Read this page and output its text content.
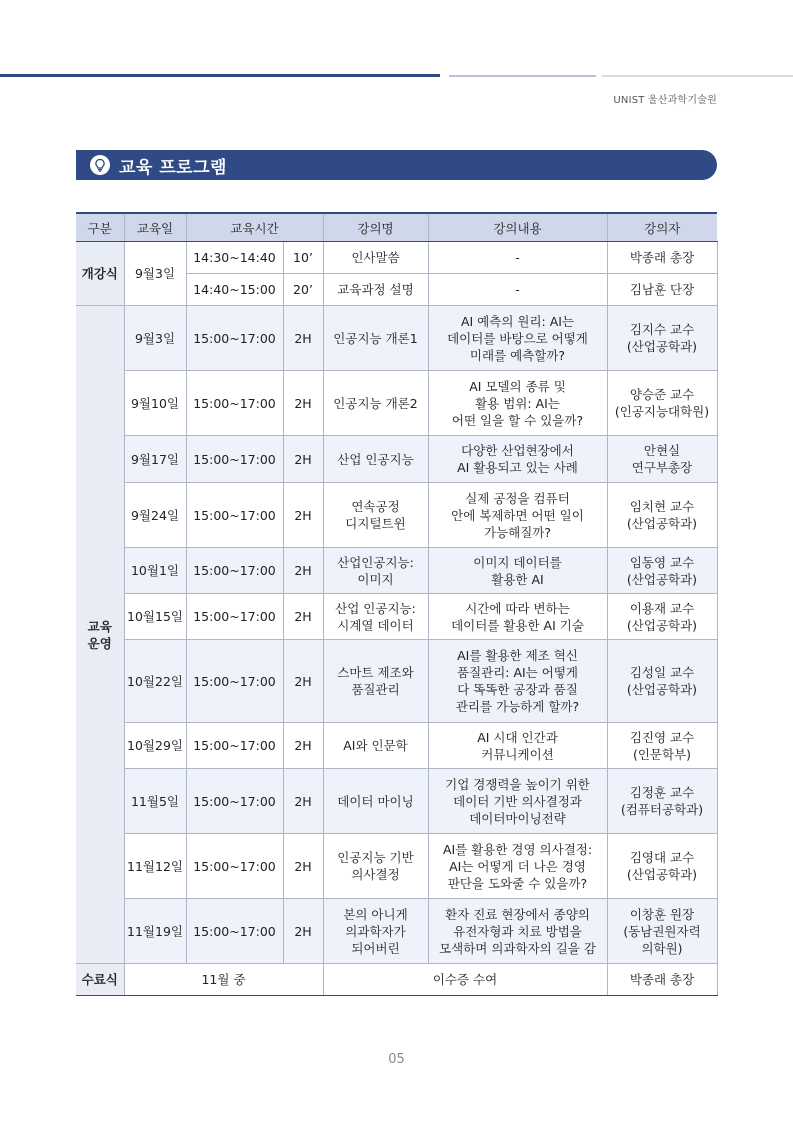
UNIST 울산과학기술원
교육 프로그램
구분	교육일	교육시간		강의명	강의내용	강의자
개강식	9월3일	14:30~14:40	10’	인사말씀	-	박종래 총장
		14:40~15:00	20’	교육과정 설명	-	김남훈 단장
교육
운영	9월3일	15:00~17:00	2H	인공지능 개론1	AI 예측의 원리: AI는
데이터를 바탕으로 어떻게
미래를 예측할까?	김지수 교수
(산업공학과)
	9월10일	15:00~17:00	2H	인공지능 개론2	AI 모델의 종류 및
활용 범위: AI는
어떤 일을 할 수 있을까?	양승준 교수
(인공지능대학원)
	9월17일	15:00~17:00	2H	산업 인공지능	다양한 산업현장에서
AI 활용되고 있는 사례	안현실
연구부총장
	9월24일	15:00~17:00	2H	연속공정
디지털트윈	실제 공정을 컴퓨터
안에 복제하면 어떤 일이
가능해질까?	임치현 교수
(산업공학과)
	10월1일	15:00~17:00	2H	산업인공지능:
이미지	이미지 데이터를
활용한 AI	임동영 교수
(산업공학과)
	10월15일	15:00~17:00	2H	산업 인공지능:
시계열 데이터	시간에 따라 변하는
데이터를 활용한 AI 기술	이용재 교수
(산업공학과)
	10월22일	15:00~17:00	2H	스마트 제조와
품질관리	AI를 활용한 제조 혁신
품질관리: AI는 어떻게
다 똑똑한 공장과 품질
관리를 가능하게 할까?	김성일 교수
(산업공학과)
	10월29일	15:00~17:00	2H	AI와 인문학	AI 시대 인간과
커뮤니케이션	김진영 교수
(인문학부)
	11월5일	15:00~17:00	2H	데이터 마이닝	기업 경쟁력을 높이기 위한
데이터 기반 의사결정과
데이터마이닝전략	김정훈 교수
(컴퓨터공학과)
	11월12일	15:00~17:00	2H	인공지능 기반
의사결정	AI를 활용한 경영 의사결정:
AI는 어떻게 더 나은 경영
판단을 도와줄 수 있을까?	김영대 교수
(산업공학과)
	11월19일	15:00~17:00	2H	본의 아니게
의과학자가
되어버린	환자 진료 현장에서 종양의
유전자형과 치료 방법을
모색하며 의과학자의 길을 감	이창훈 원장
(동남권원자력
의학원)
수료식	11월 중			이수증 수여		박종래 총장
05
